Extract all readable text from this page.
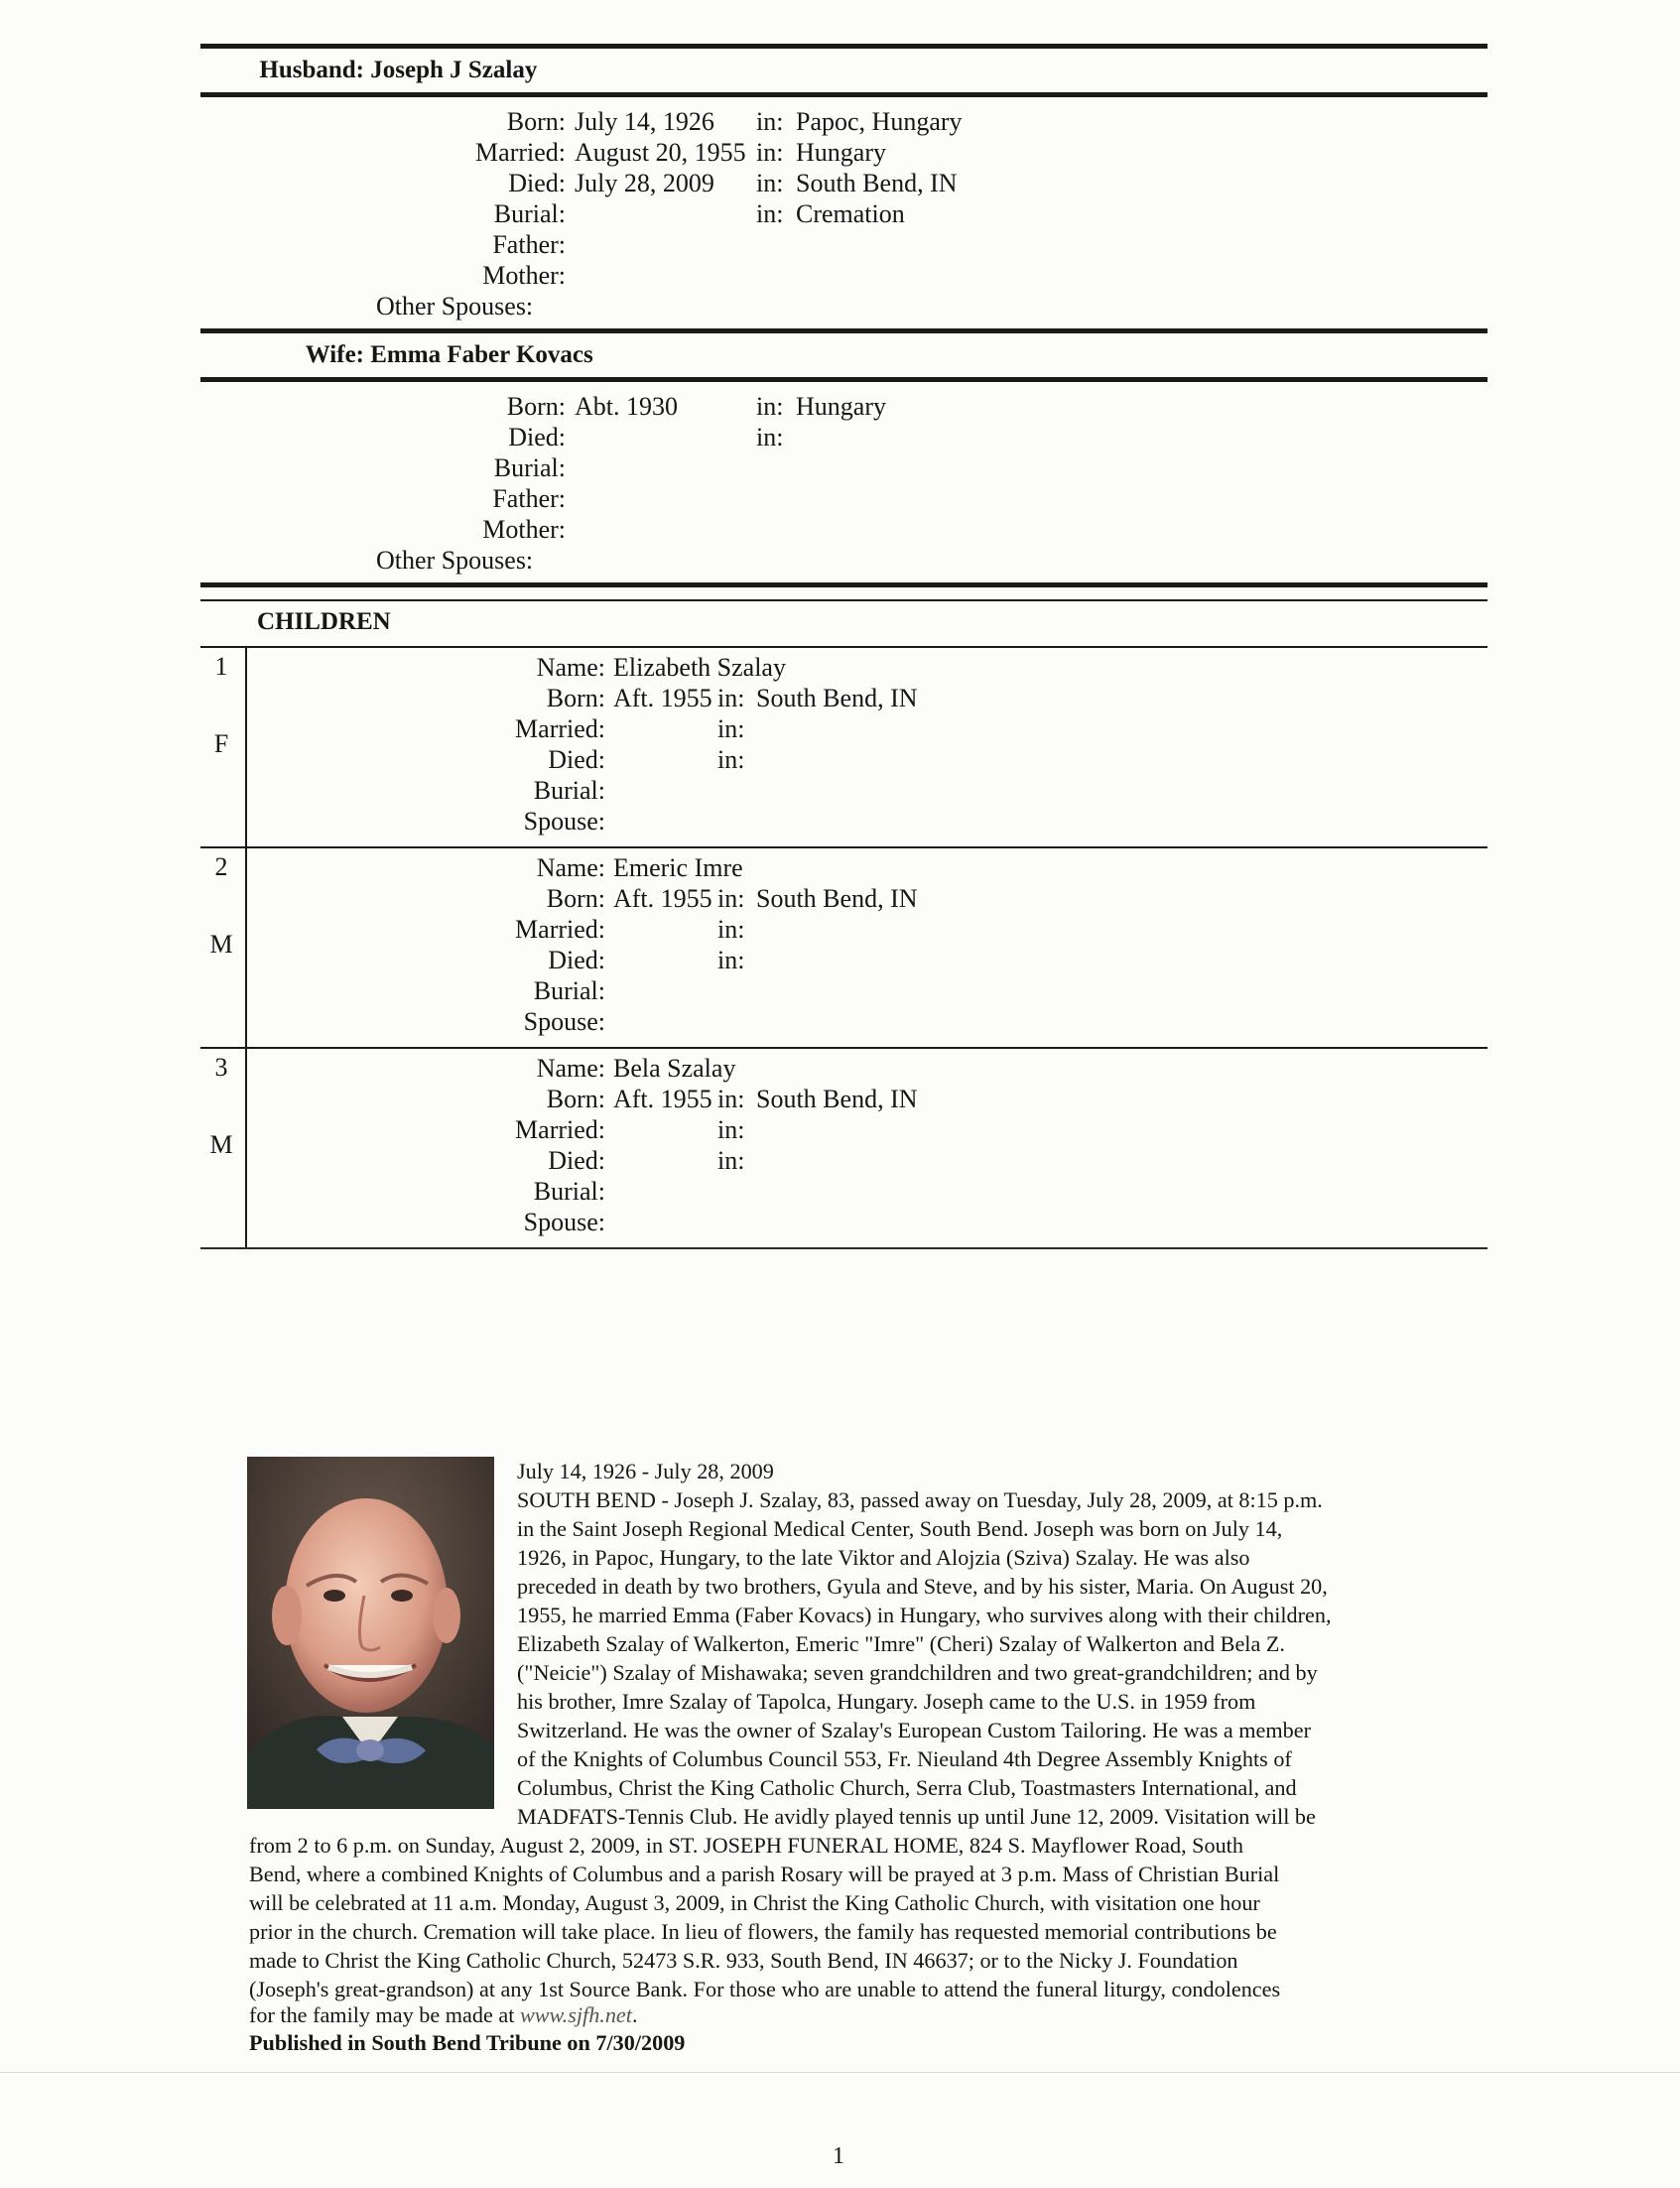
Husband: Joseph J Szalay
Born: July 14, 1926 in: Papoc, Hungary
Married: August 20, 1955 in: Hungary
Died: July 28, 2009 in: South Bend, IN
Burial:	in: Cremation
Father:
Mother:
Other Spouses:
Wife: Emma Faber Kovacs
Born: Abt. 1930	in: Hungary
Died:	in:
Burial:
Father:
Mother:
Other Spouses:
CHILDREN
1
F
Name: Elizabeth Szalay
Born: Aft. 1955 in: South Bend, IN
Married:	in:
Died:	in:
Burial:
Spouse:
2
M
Name: Emeric Imre
Born: Aft. 1955 in: South Bend, IN
Married:	in:
Died:	in:
Burial:
Spouse:
3
M
Name: Bela Szalay
Born: Aft. 1955 in: South Bend, IN
Married:	in:
Died:	in:
Burial:
Spouse:
July 14, 1926 - July 28, 2009
SOUTH BEND - Joseph J. Szalay, 83, passed away on Tuesday, July 28, 2009, at 8:15 p.m.
in the Saint Joseph Regional Medical Center, South Bend. Joseph was born on July 14,
1926, in Papoc, Hungary, to the late Viktor and Alojzia (Sziva) Szalay. He was also
preceded in death by two brothers, Gyula and Steve, and by his sister, Maria. On August 20,
1955, he married Emma (Faber Kovacs) in Hungary, who survives along with their children,
Elizabeth Szalay of Walkerton, Emeric "Imre" (Cheri) Szalay of Walkerton and Bela Z.
("Neicie") Szalay of Mishawaka; seven grandchildren and two great-grandchildren; and by
his brother, Imre Szalay of Tapolca, Hungary. Joseph came to the U.S. in 1959 from
Switzerland. He was the owner of Szalay's European Custom Tailoring. He was a member
of the Knights of Columbus Council 553, Fr. Nieuland 4th Degree Assembly Knights of
Columbus, Christ the King Catholic Church, Serra Club, Toastmasters International, and
MADFATS-Tennis Club. He avidly played tennis up until June 12, 2009. Visitation will be
from 2 to 6 p.m. on Sunday, August 2, 2009, in ST. JOSEPH FUNERAL HOME, 824 S. Mayflower Road, South
Bend, where a combined Knights of Columbus and a parish Rosary will be prayed at 3 p.m. Mass of Christian Burial
will be celebrated at 11 a.m. Monday, August 3, 2009, in Christ the King Catholic Church, with visitation one hour
prior in the church. Cremation will take place. In lieu of flowers, the family has requested memorial contributions be
made to Christ the King Catholic Church, 52473 S.R. 933, South Bend, IN 46637; or to the Nicky J. Foundation
(Joseph's great-grandson) at any 1st Source Bank. For those who are unable to attend the funeral liturgy, condolences
for the family may be made at www.sjfh.net.
Published in South Bend Tribune on 7/30/2009
1
